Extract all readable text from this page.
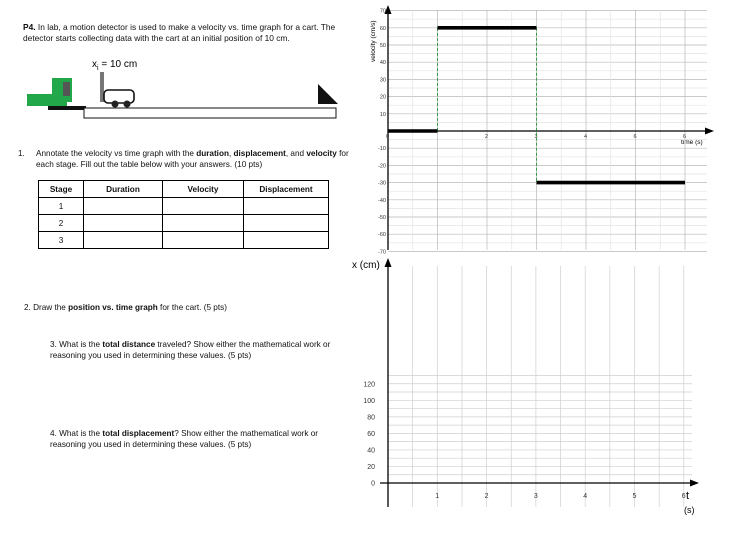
P4. In lab, a motion detector is used to make a velocity vs. time graph for a cart. The detector starts collecting data with the cart at an initial position of 10 cm.
$x_i = 10$ cm
1. Annotate the velocity vs time graph with the duration, displacement, and velocity for each stage. Fill out the table below with your answers. (10 pts)
Stage	Duration	Velocity	Displacement
1			
2			
3			
2. Draw the position vs. time graph for the cart. (5 pts)
3. What is the total distance traveled? Show either the mathematical work or reasoning you used in determining these values. (5 pts)
4. What is the total displacement? Show either the mathematical work or reasoning you used in determining these values. (5 pts)
velocity (cm/s)
time (s)
70
60
50
40
30
20
10
-10
-20
-30
-40
-50
-60
-70
0	2	3	4	6	6
x (cm)
t
(s)
120
100
80
60
40
20
0
1	2	3	4	5	6
